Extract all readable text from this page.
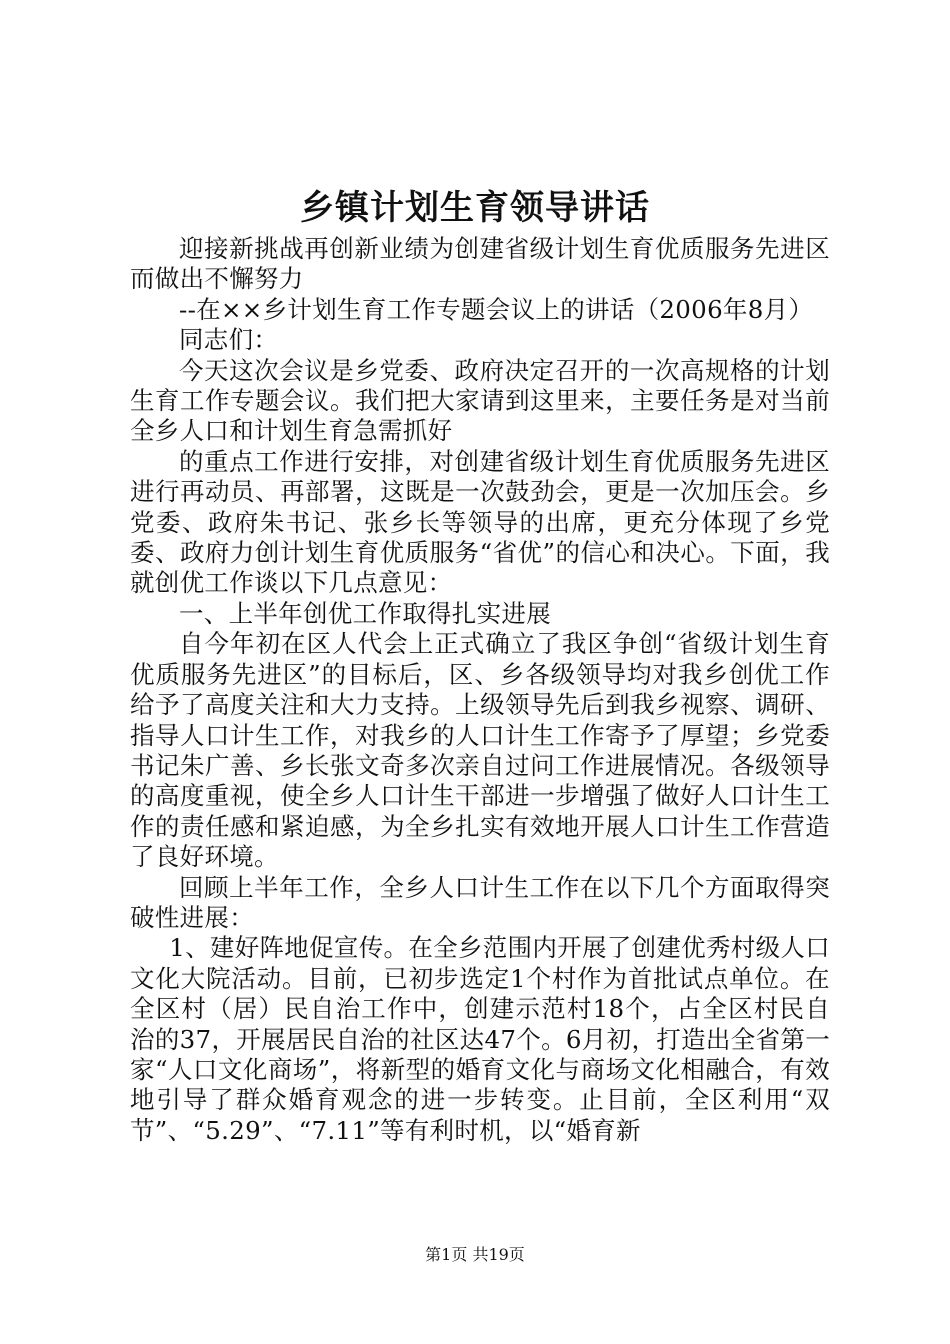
乡镇计划生育领导讲话

迎接新挑战再创新业绩为创建省级计划生育优质服务先进区而做出不懈努力

--在××乡计划生育工作专题会议上的讲话（2006年8月）

同志们：

今天这次会议是乡党委、政府决定召开的一次高规格的计划生育工作专题会议。我们把大家请到这里来，主要任务是对当前全乡人口和计划生育急需抓好

的重点工作进行安排，对创建省级计划生育优质服务先进区进行再动员、再部署，这既是一次鼓劲会，更是一次加压会。乡党委、政府朱书记、张乡长等领导的出席，更充分体现了乡党委、政府力创计划生育优质服务“省优”的信心和决心。下面，我就创优工作谈以下几点意见：

一、上半年创优工作取得扎实进展

自今年初在区人代会上正式确立了我区争创“省级计划生育优质服务先进区”的目标后，区、乡各级领导均对我乡创优工作给予了高度关注和大力支持。上级领导先后到我乡视察、调研、指导人口计生工作，对我乡的人口计生工作寄予了厚望；乡党委书记朱广善、乡长张文奇多次亲自过问工作进展情况。各级领导的高度重视，使全乡人口计生干部进一步增强了做好人口计生工作的责任感和紧迫感，为全乡扎实有效地开展人口计生工作营造了良好环境。

回顾上半年工作，全乡人口计生工作在以下几个方面取得突破性进展：

1、建好阵地促宣传。在全乡范围内开展了创建优秀村级人口文化大院活动。目前，已初步选定1个村作为首批试点单位。在全区村（居）民自治工作中，创建示范村18个，占全区村民自治的37，开展居民自治的社区达47个。6月初，打造出全省第一家“人口文化商场”，将新型的婚育文化与商场文化相融合，有效地引导了群众婚育观念的进一步转变。止目前，全区利用“双节”、“5.29”、“7.11”等有利时机，以“婚育新

第1页 共19页
